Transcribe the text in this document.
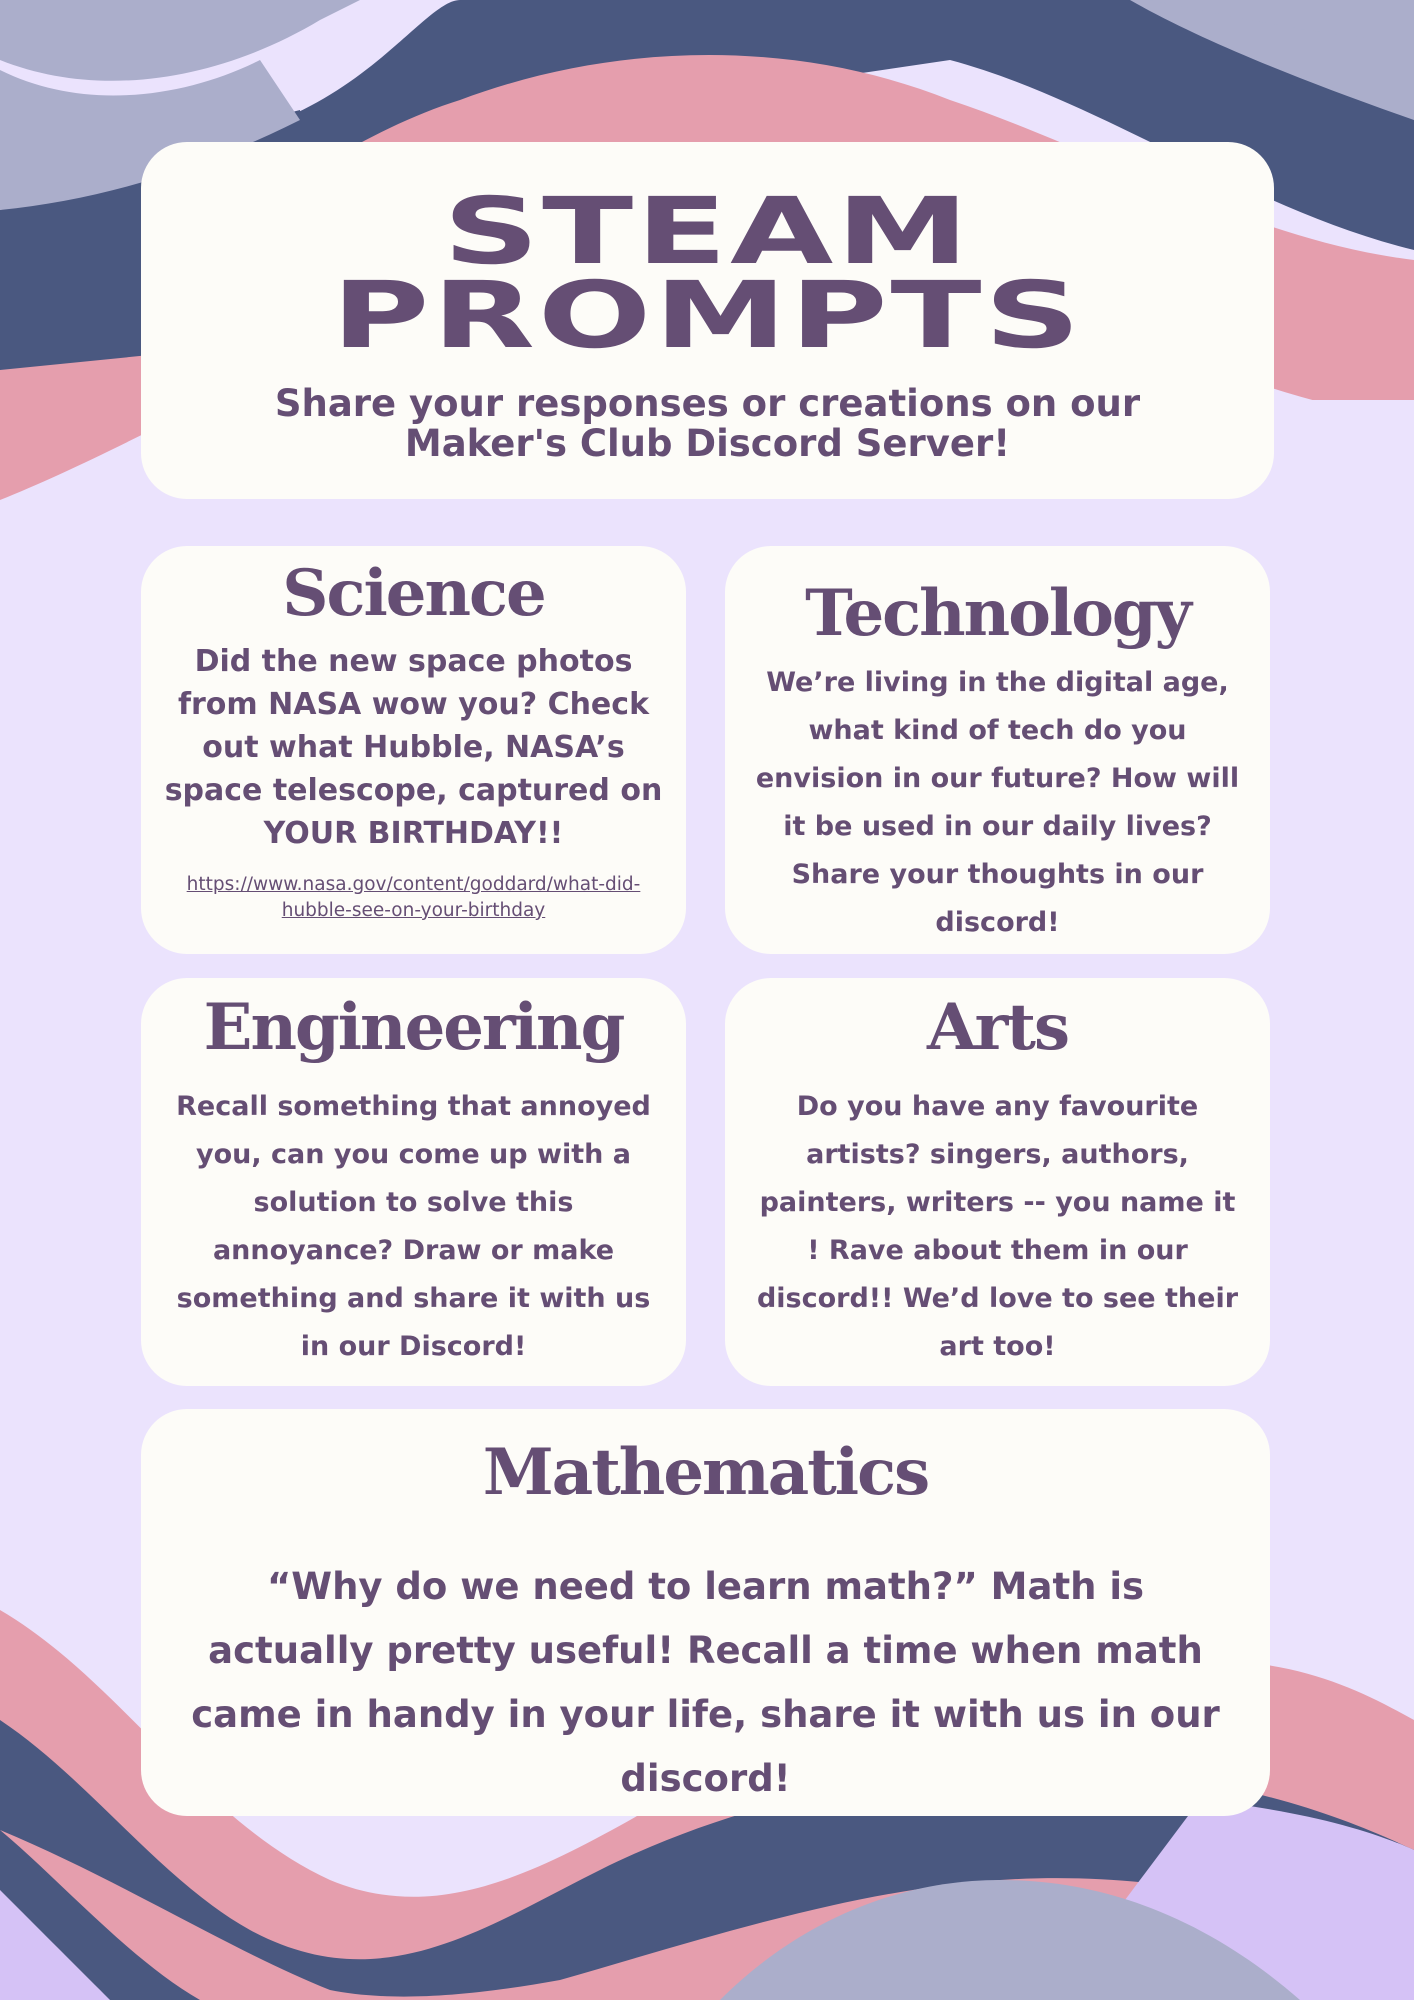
STEAM
PROMPTS
Share your responses or creations on our Maker's Club Discord Server!
Science
Did the new space photos from NASA wow you? Check out what Hubble, NASA’s space telescope, captured on YOUR BIRTHDAY!!
https://www.nasa.gov/content/goddard/what-did-hubble-see-on-your-birthday
Technology
We’re living in the digital age, what kind of tech do you envision in our future? How will it be used in our daily lives? Share your thoughts in our discord!
Engineering
Recall something that annoyed you, can you come up with a solution to solve this annoyance? Draw or make something and share it with us in our Discord!
Arts
Do you have any favourite artists? singers, authors, painters, writers -- you name it ! Rave about them in our discord!! We’d love to see their art too!
Mathematics
“Why do we need to learn math?” Math is actually pretty useful! Recall a time when math came in handy in your life, share it with us in our discord!
